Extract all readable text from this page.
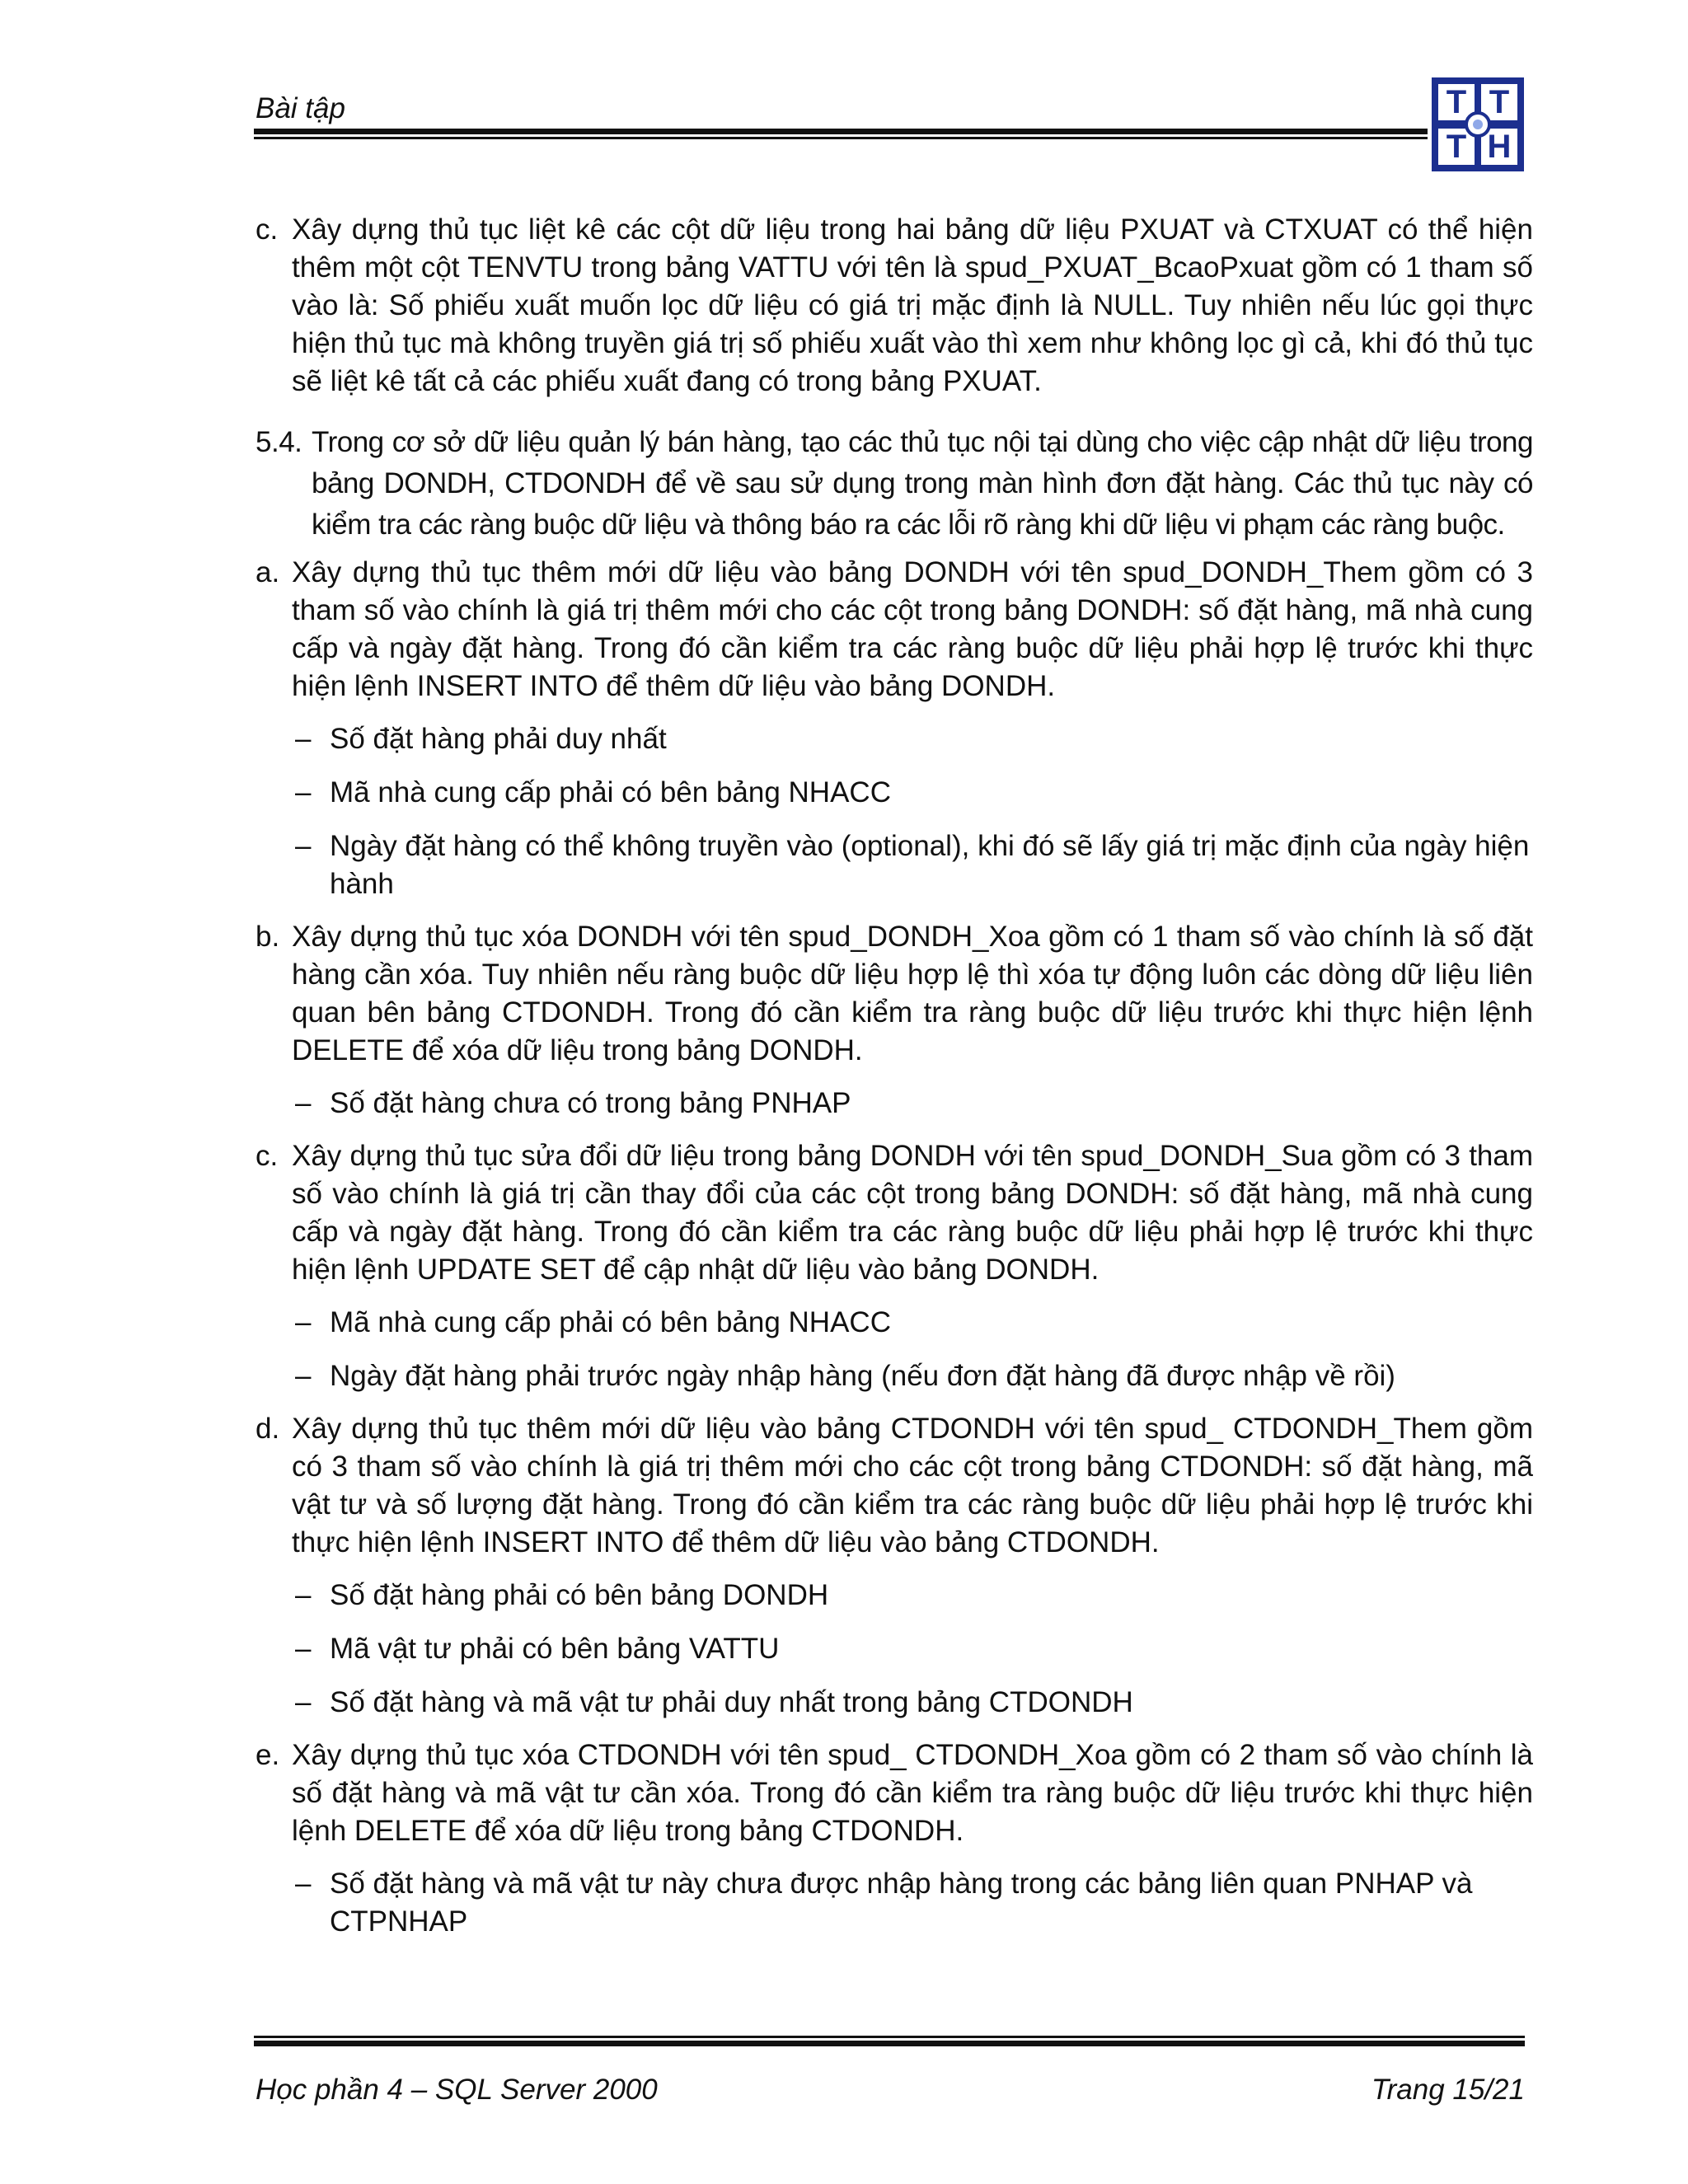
Bài tập	T T
T H
c. Xây dựng thủ tục liệt kê các cột dữ liệu trong hai bảng dữ liệu PXUAT và CTXUAT có thể hiện thêm một cột TENVTU trong bảng VATTU với tên là spud_PXUAT_BcaoPxuat gồm có 1 tham số vào là: Số phiếu xuất muốn lọc dữ liệu có giá trị mặc định là NULL. Tuy nhiên nếu lúc gọi thực hiện thủ tục mà không truyền giá trị số phiếu xuất vào thì xem như không lọc gì cả, khi đó thủ tục sẽ liệt kê tất cả các phiếu xuất đang có trong bảng PXUAT.
5.4. Trong cơ sở dữ liệu quản lý bán hàng, tạo các thủ tục nội tại dùng cho việc cập nhật dữ liệu trong bảng DONDH, CTDONDH để về sau sử dụng trong màn hình đơn đặt hàng. Các thủ tục này có kiểm tra các ràng buộc dữ liệu và thông báo ra các lỗi rõ ràng khi dữ liệu vi phạm các ràng buộc.
a. Xây dựng thủ tục thêm mới dữ liệu vào bảng DONDH với tên spud_DONDH_Them gồm có 3 tham số vào chính là giá trị thêm mới cho các cột trong bảng DONDH: số đặt hàng, mã nhà cung cấp và ngày đặt hàng. Trong đó cần kiểm tra các ràng buộc dữ liệu phải hợp lệ trước khi thực hiện lệnh INSERT INTO để thêm dữ liệu vào bảng DONDH.
– Số đặt hàng phải duy nhất
– Mã nhà cung cấp phải có bên bảng NHACC
– Ngày đặt hàng có thể không truyền vào (optional), khi đó sẽ lấy giá trị mặc định của ngày hiện hành
b. Xây dựng thủ tục xóa DONDH với tên spud_DONDH_Xoa gồm có 1 tham số vào chính là số đặt hàng cần xóa. Tuy nhiên nếu ràng buộc dữ liệu hợp lệ thì xóa tự động luôn các dòng dữ liệu liên quan bên bảng CTDONDH. Trong đó cần kiểm tra ràng buộc dữ liệu trước khi thực hiện lệnh DELETE để xóa dữ liệu trong bảng DONDH.
– Số đặt hàng chưa có trong bảng PNHAP
c. Xây dựng thủ tục sửa đổi dữ liệu trong bảng DONDH với tên spud_DONDH_Sua gồm có 3 tham số vào chính là giá trị cần thay đổi của các cột trong bảng DONDH: số đặt hàng, mã nhà cung cấp và ngày đặt hàng. Trong đó cần kiểm tra các ràng buộc dữ liệu phải hợp lệ trước khi thực hiện lệnh UPDATE SET để cập nhật dữ liệu vào bảng DONDH.
– Mã nhà cung cấp phải có bên bảng NHACC
– Ngày đặt hàng phải trước ngày nhập hàng (nếu đơn đặt hàng đã được nhập về rồi)
d. Xây dựng thủ tục thêm mới dữ liệu vào bảng CTDONDH với tên spud_ CTDONDH_Them gồm có 3 tham số vào chính là giá trị thêm mới cho các cột trong bảng CTDONDH: số đặt hàng, mã vật tư và số lượng đặt hàng. Trong đó cần kiểm tra các ràng buộc dữ liệu phải hợp lệ trước khi thực hiện lệnh INSERT INTO để thêm dữ liệu vào bảng CTDONDH.
– Số đặt hàng phải có bên bảng DONDH
– Mã vật tư phải có bên bảng VATTU
– Số đặt hàng và mã vật tư phải duy nhất trong bảng CTDONDH
e. Xây dựng thủ tục xóa CTDONDH với tên spud_ CTDONDH_Xoa gồm có 2 tham số vào chính là số đặt hàng và mã vật tư cần xóa. Trong đó cần kiểm tra ràng buộc dữ liệu trước khi thực hiện lệnh DELETE để xóa dữ liệu trong bảng CTDONDH.
– Số đặt hàng và mã vật tư này chưa được nhập hàng trong các bảng liên quan PNHAP và CTPNHAP
Học phần 4 – SQL Server 2000	Trang 15/21
